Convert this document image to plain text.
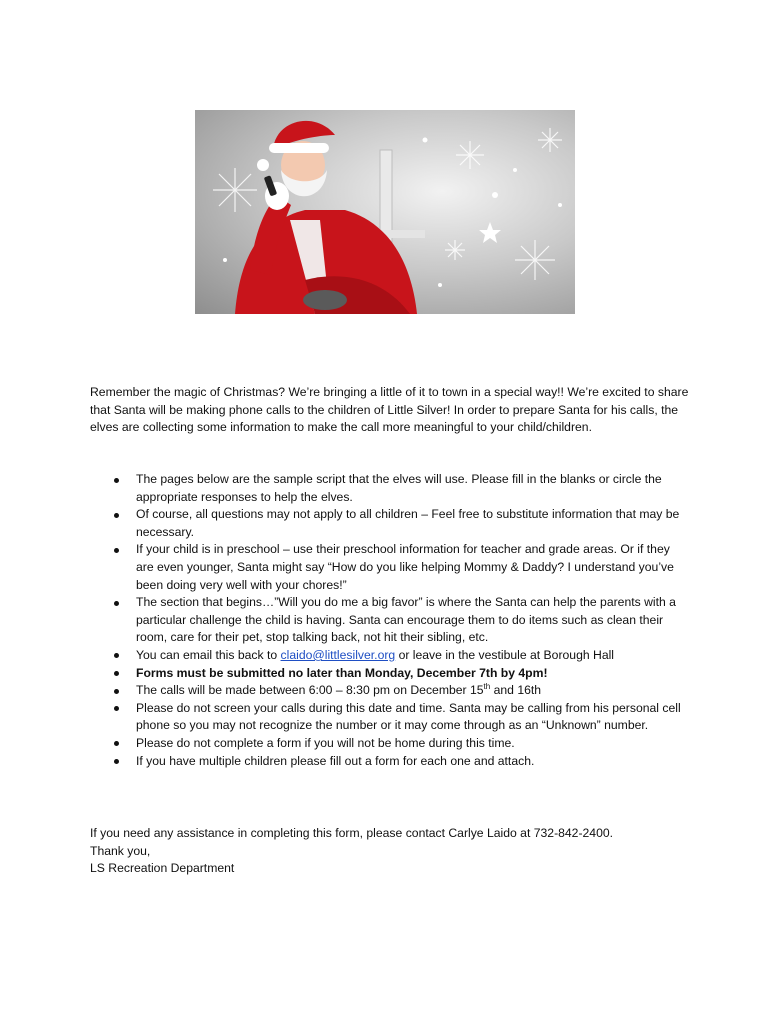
Remember the magic of Christmas? We’re bringing a little of it to town in a special way!! We’re excited to share that Santa will be making phone calls to the children of Little Silver! In order to prepare Santa for his calls, the elves are collecting some information to make the call more meaningful to your child/children.

The pages below are the sample script that the elves will use. Please fill in the blanks or circle the appropriate responses to help the elves.
Of course, all questions may not apply to all children – Feel free to substitute information that may be necessary.
If your child is in preschool – use their preschool information for teacher and grade areas. Or if they are even younger, Santa might say “How do you like helping Mommy & Daddy? I understand you’ve been doing very well with your chores!”
The section that begins…”Will you do me a big favor” is where the Santa can help the parents with a particular challenge the child is having. Santa can encourage them to do items such as clean their room, care for their pet, stop talking back, not hit their sibling, etc.
You can email this back to claido@littlesilver.org or leave in the vestibule at Borough Hall
Forms must be submitted no later than Monday, December 7th by 4pm!
The calls will be made between 6:00 – 8:30 pm on December 15th and 16th
Please do not screen your calls during this date and time. Santa may be calling from his personal cell phone so you may not recognize the number or it may come through as an “Unknown” number.
Please do not complete a form if you will not be home during this time.
If you have multiple children please fill out a form for each one and attach.
If you need any assistance in completing this form, please contact Carlye Laido at 732-842-2400.
Thank you,
LS Recreation Department
